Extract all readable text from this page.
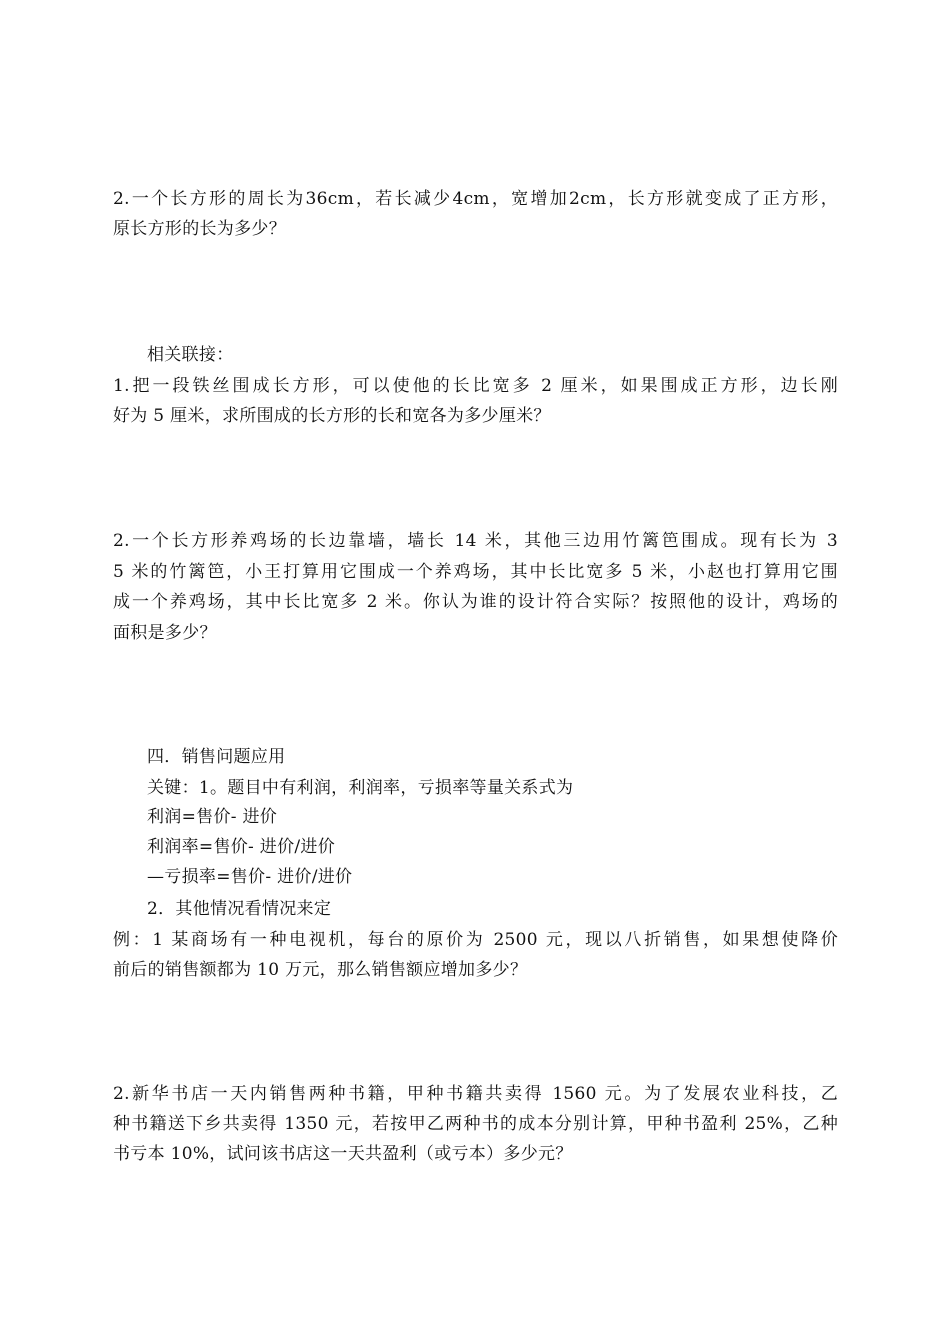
2.一个长方形的周长为36cm，若长减少4cm，宽增加2cm，长方形就变成了正方形，
原长方形的长为多少？
相关联接：
1.把一段铁丝围成长方形，可以使他的长比宽多 2 厘米，如果围成正方形，边长刚
好为 5 厘米，求所围成的长方形的长和宽各为多少厘米？
2.一个长方形养鸡场的长边靠墙，墙长 14 米，其他三边用竹篱笆围成。现有长为 3
5 米的竹篱笆，小王打算用它围成一个养鸡场，其中长比宽多 5 米，小赵也打算用它围
成一个养鸡场，其中长比宽多 2 米。你认为谁的设计符合实际？按照他的设计，鸡场的
面积是多少？
四．销售问题应用
关键：1。题目中有利润，利润率，亏损率等量关系式为
利润=售价- 进价
利润率=售价- 进价/进价
—亏损率=售价- 进价/进价
2．其他情况看情况来定
例：1 某商场有一种电视机，每台的原价为 2500 元，现以八折销售，如果想使降价
前后的销售额都为 10 万元，那么销售额应增加多少？
2.新华书店一天内销售两种书籍，甲种书籍共卖得 1560 元。为了发展农业科技，乙
种书籍送下乡共卖得 1350 元，若按甲乙两种书的成本分别计算，甲种书盈利 25%，乙种
书亏本 10%，试问该书店这一天共盈利（或亏本）多少元？
